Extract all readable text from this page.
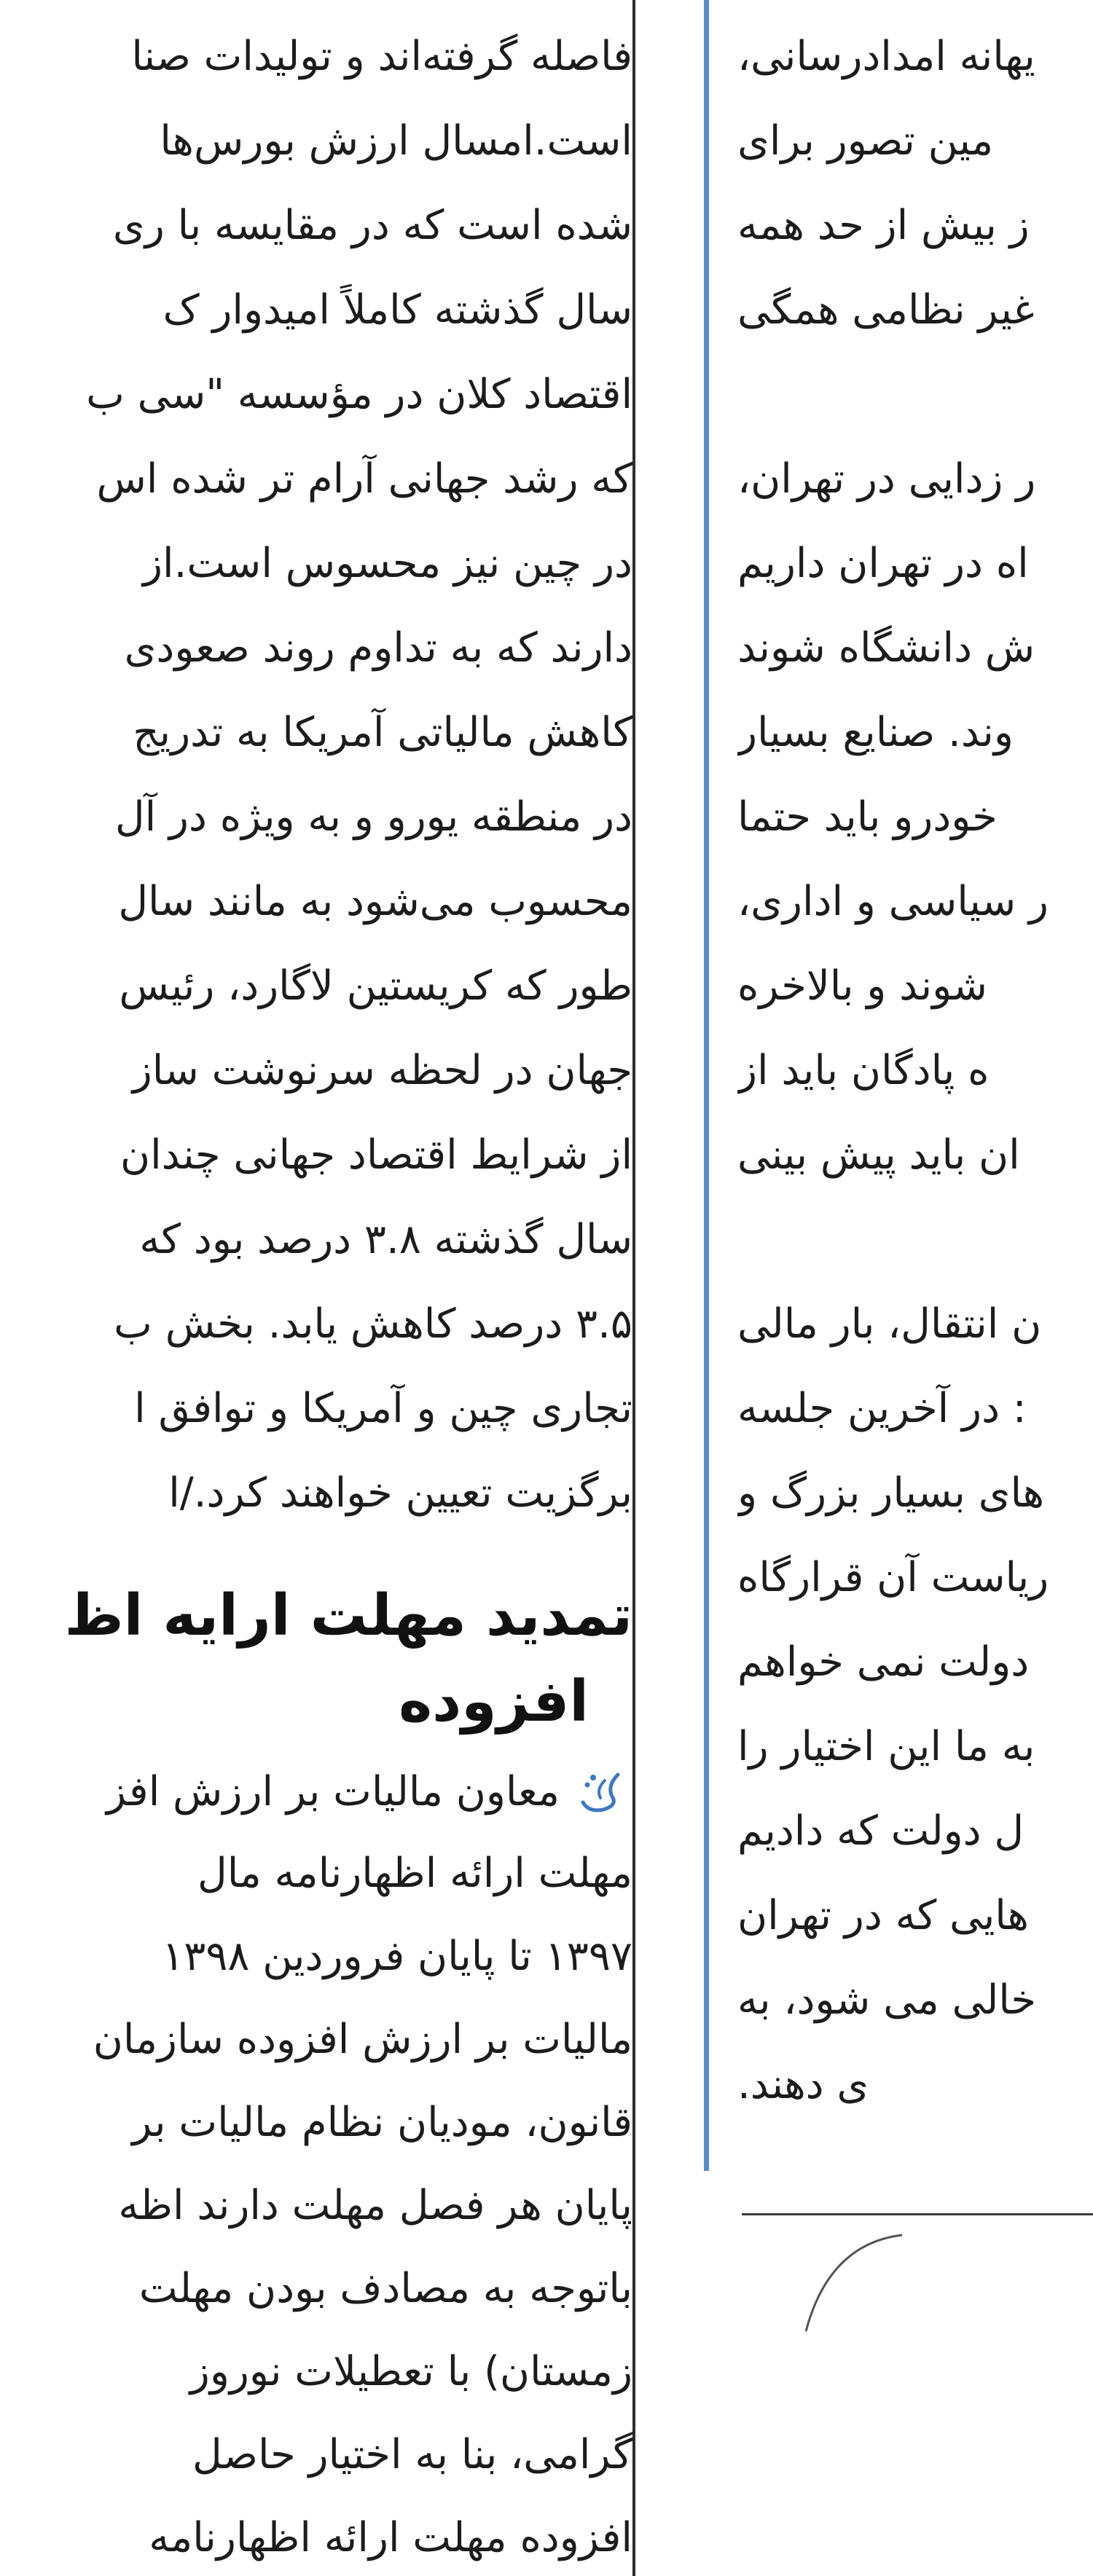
فاصله گرفته‌اند و تولیدات صنا
است.امسال ارزش بورس‌ها
شده است که در مقایسه با ری
سال گذشته کاملاً امیدوار ک
اقتصاد کلان در مؤسسه "سی ب
که رشد جهانی آرام تر شده اس
در چین نیز محسوس است.از
دارند که به تداوم روند صعودی
کاهش مالیاتی آمریکا به تدریج
در منطقه یورو و به ویژه در آل
محسوب می‌شود به مانند سال
طور که کریستین لاگارد، رئیس
جهان در لحظه سرنوشت ساز
از شرایط اقتصاد جهانی چندان
سال گذشته ۳.۸ درصد بود که
۳.۵ درصد کاهش یابد. بخش ب
تجاری چین و آمریکا و توافق ا
برگزیت تعیین خواهند کرد./ا
تمدید مهلت ارایه اظ
افزوده
معاون مالیات بر ارزش افز
مهلت ارائه اظهارنامه مال
۱۳۹۷ تا پایان فروردین ۱۳۹۸
مالیات بر ارزش افزوده سازمان
قانون، مودیان نظام مالیات بر
پایان هر فصل مهلت دارند اظه
باتوجه به مصادف بودن مهلت
زمستان) با تعطیلات نوروز
گرامی، بنا به اختیار حاصل
افزوده مهلت ارائه اظهارنامه
یهانه امدادرسانی،
مین تصور برای
ز بیش از حد همه
غیر نظامی همگی
ر زدایی در تهران،
اه در تهران داریم
ش دانشگاه شوند
وند. صنایع بسیار
خودرو باید حتما
ر سیاسی و اداری،
شوند و بالاخره
ه پادگان باید از
ان باید پیش بینی
ن انتقال، بار مالی
: در آخرین جلسه
های بسیار بزرگ و
ریاست آن قرارگاه
دولت نمی خواهم
به ما این اختیار را
ل دولت که دادیم
هایی که در تهران
خالی می شود، به
ی دهند.
